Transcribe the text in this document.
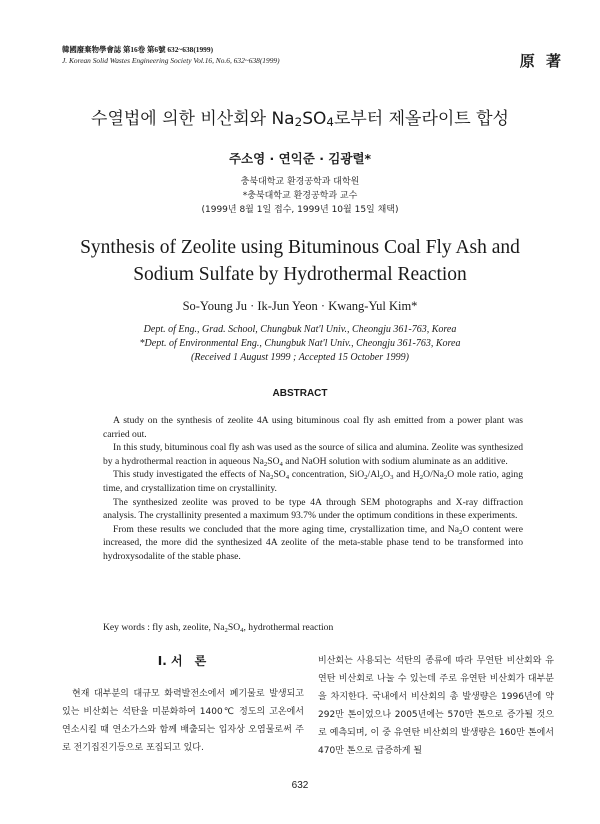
韓國廢棄物學會誌 第16卷 第6號 632~638(1999)
J. Korean Solid Wastes Engineering Society Vol.16, No.6, 632~638(1999)	原 著
수열법에 의한 비산회와 $Na_2SO_4$로부터 제올라이트 합성
주소영 · 연익준 · 김광렬*
충북대학교 환경공학과 대학원
*충북대학교 환경공학과 교수
(1999년 8월 1일 접수, 1999년 10월 15일 채택)
Synthesis of Zeolite using Bituminous Coal Fly Ash and
Sodium Sulfate by Hydrothermal Reaction
So-Young Ju · Ik-Jun Yeon · Kwang-Yul Kim*
Dept. of Eng., Grad. School, Chungbuk Nat'l Univ., Cheongju 361-763, Korea
*Dept. of Environmental Eng., Chungbuk Nat'l Univ., Cheongju 361-763, Korea
(Received 1 August 1999 ; Accepted 15 October 1999)
ABSTRACT

A study on the synthesis of zeolite 4A using bituminous coal fly ash emitted from a power plant was carried out.

In this study, bituminous coal fly ash was used as the source of silica and alumina. Zeolite was synthesized by a hydrothermal reaction in aqueous $Na_2SO_4$ and NaOH solution with sodium aluminate as an additive.

This study investigated the effects of $Na_2SO_4$ concentration, $SiO_2/Al_2O_3$ and $H_2O/Na_2O$ mole ratio, aging time, and crystallization time on crystallinity.

The synthesized zeolite was proved to be type 4A through SEM photographs and X-ray diffraction analysis. The crystallinity presented a maximum 93.7% under the optimum conditions in these experiments.

From these results we concluded that the more aging time, crystallization time, and $Na_2O$ content were increased, the more did the synthesized 4A zeolite of the meta-stable phase tend to be transformed into hydroxysodalite of the stable phase.

Key words : fly ash, zeolite, $Na_2SO_4$, hydrothermal reaction
Ⅰ. 서　론
현재 대부분의 대규모 화력발전소에서 폐기물로 발생되고 있는 비산회는 석탄을 미분화하여 1400℃ 정도의 고온에서 연소시킬 때 연소가스와 함께 배출되는 입자상 오염물로써 주로 전기집진기등으로 포집되고 있다.
비산회는 사용되는 석탄의 종류에 따라 무연탄 비산회와 유연탄 비산회로 나눌 수 있는데 주로 유연탄 비산회가 대부분을 차지한다. 국내에서 비산회의 총 발생량은 1996년에 약 292만 톤이었으나 2005년에는 570만 톤으로 증가될 것으로 예측되며, 이 중 유연탄 비산회의 발생량은 160만 톤에서 470만 톤으로 급증하게 될
632
